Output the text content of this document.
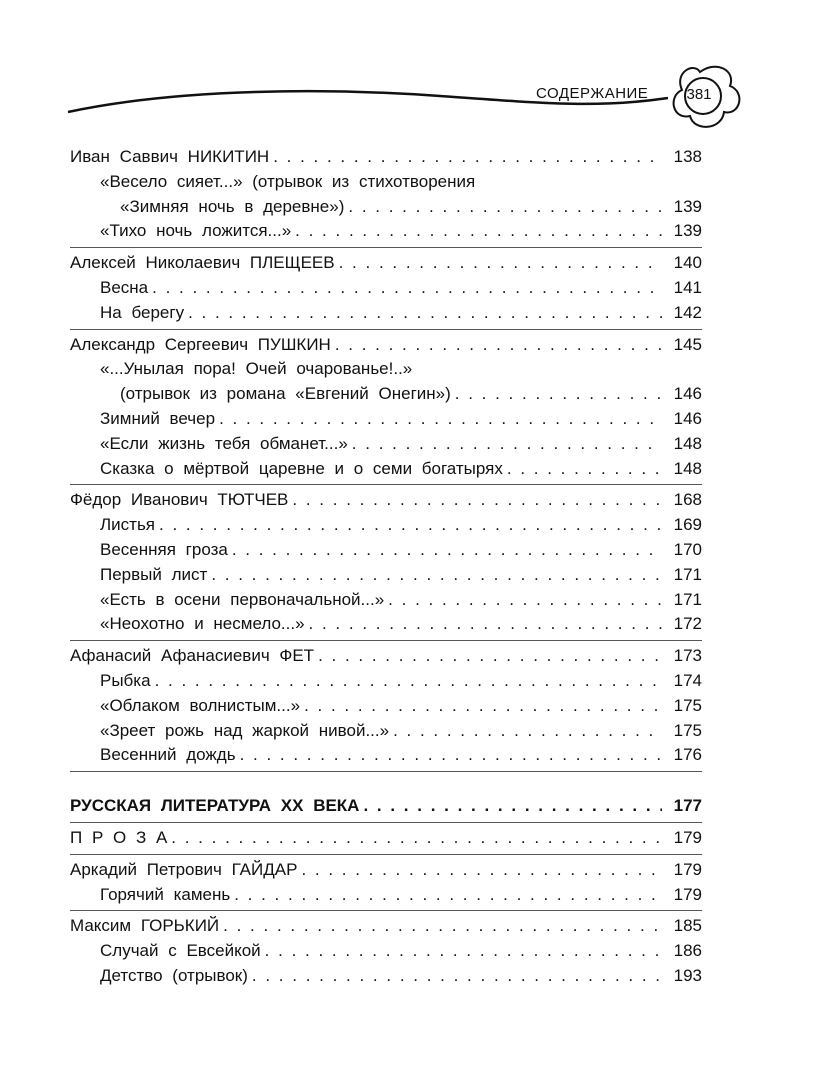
СОДЕРЖАНИЕ	381
Иван Саввич НИКИТИН . . .	138
«Весело сияет...» (отрывок из стихотворения
«Зимняя ночь в деревне») . . .	139
«Тихо ночь ложится...» . . .	139
Алексей Николаевич ПЛЕЩЕЕВ . . .	140
Весна . . .	141
На берегу . . .	142
Александр Сергеевич ПУШКИН . . .	145
«...Унылая пора! Очей очарованье!..»
(отрывок из романа «Евгений Онегин») . . .	146
Зимний вечер . . .	146
«Если жизнь тебя обманет...» . . .	148
Сказка о мёртвой царевне и о семи богатырях . . .	148
Фёдор Иванович ТЮТЧЕВ . . .	168
Листья . . .	169
Весенняя гроза . . .	170
Первый лист . . .	171
«Есть в осени первоначальной...» . . .	171
«Неохотно и несмело...» . . .	172
Афанасий Афанасиевич ФЕТ . . .	173
Рыбка . . .	174
«Облаком волнистым...» . . .	175
«Зреет рожь над жаркой нивой...» . . .	175
Весенний дождь . . .	176
РУССКАЯ ЛИТЕРАТУРА XX ВЕКА . . .	177
П Р О З А . . .	179
Аркадий Петрович ГАЙДАР . . .	179
Горячий камень . . .	179
Максим ГОРЬКИЙ . . .	185
Случай с Евсейкой . . .	186
Детство (отрывок) . . .	193
